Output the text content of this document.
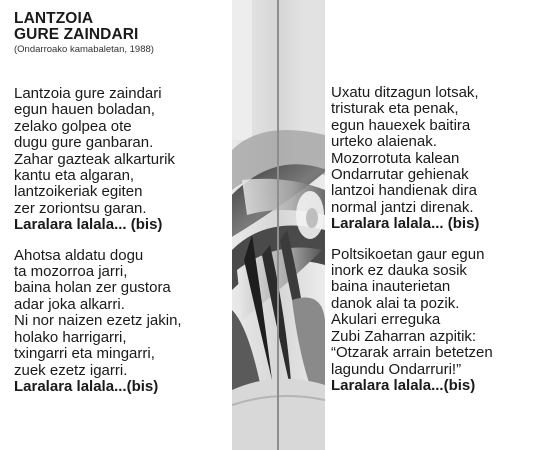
LANTZOIA

GURE ZAINDARI

(Ondarroako kamabaletan, 1988)

Lantzoia gure zaindari
egun hauen boladan,
zelako golpea ote
dugu gure ganbaran.
Zahar gazteak alkarturik
kantu eta algaran,
lantzoikeriak egiten
zer zoriontsu garan.
Laralara lalala... (bis)
Ahotsa aldatu dogu
ta mozorroa jarri,
baina holan zer gustora
adar joka alkarri.
Ni nor naizen ezetz jakin,
holako harrigarri,
txingarri eta mingarri,
zuek ezetz igarri.
Laralara lalala...(bis)
Uxatu ditzagun lotsak,
tristurak eta penak,
egun hauexek baitira
urteko alaienak.
Mozorrotuta kalean
Ondarrutar gehienak
lantzoi handienak dira
normal jantzi direnak.
Laralara lalala... (bis)
Poltsikoetan gaur egun
inork ez dauka sosik
baina inauterietan
danok alai ta pozik.
Akulari erreguka
Zubi Zaharran azpitik:
“Otzarak arrain betetzen
lagundu Ondarruri!”
Laralara lalala...(bis)
